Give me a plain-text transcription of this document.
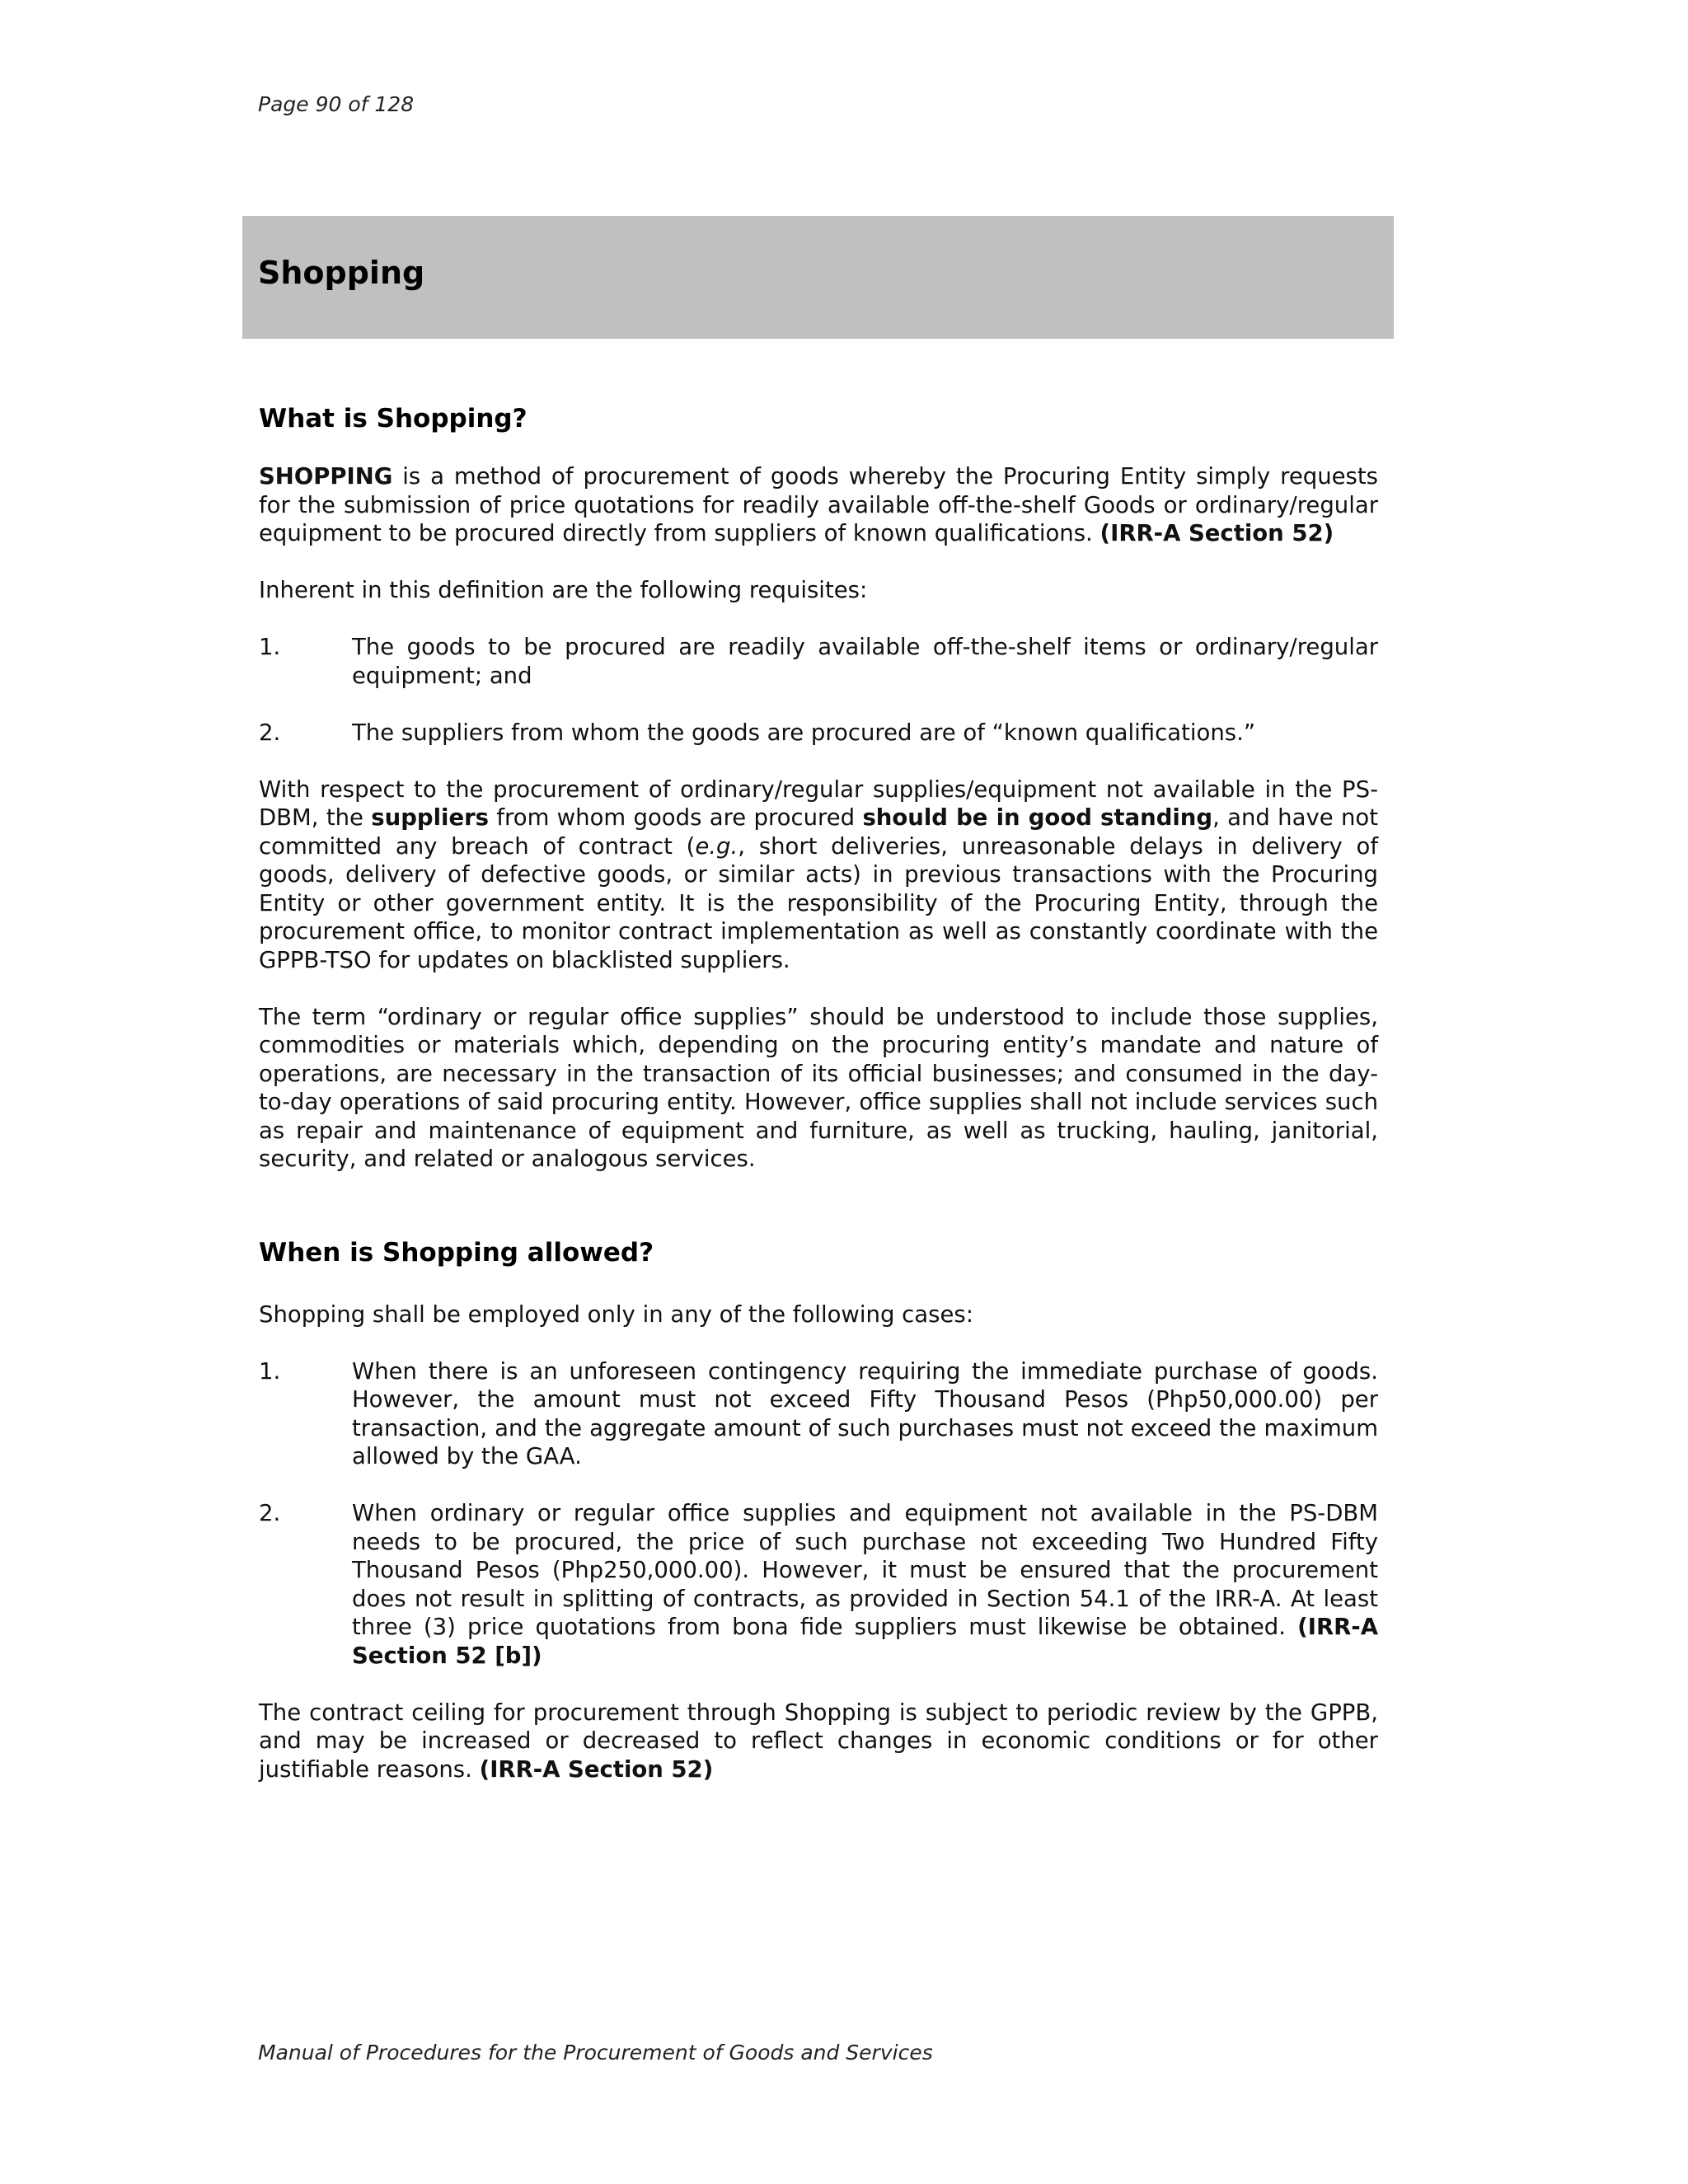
Page 90 of 128
Shopping
What is Shopping?

SHOPPING is a method of procurement of goods whereby the Procuring Entity simply requests for the submission of price quotations for readily available off-the-shelf Goods or ordinary/regular equipment to be procured directly from suppliers of known qualifications. (IRR-A Section 52)

Inherent in this definition are the following requisites:

1.	The goods to be procured are readily available off-the-shelf items or ordinary/regular equipment; and
2.	The suppliers from whom the goods are procured are of “known qualifications.”

With respect to the procurement of ordinary/regular supplies/equipment not available in the PS-DBM, the suppliers from whom goods are procured should be in good standing, and have not committed any breach of contract (e.g., short deliveries, unreasonable delays in delivery of goods, delivery of defective goods, or similar acts) in previous transactions with the Procuring Entity or other government entity. It is the responsibility of the Procuring Entity, through the procurement office, to monitor contract implementation as well as constantly coordinate with the GPPB-TSO for updates on blacklisted suppliers.

The term “ordinary or regular office supplies” should be understood to include those supplies, commodities or materials which, depending on the procuring entity’s mandate and nature of operations, are necessary in the transaction of its official businesses; and consumed in the day-to-day operations of said procuring entity. However, office supplies shall not include services such as repair and maintenance of equipment and furniture, as well as trucking, hauling, janitorial, security, and related or analogous services.

When is Shopping allowed?

Shopping shall be employed only in any of the following cases:

1.	When there is an unforeseen contingency requiring the immediate purchase of goods. However, the amount must not exceed Fifty Thousand Pesos (Php50,000.00) per transaction, and the aggregate amount of such purchases must not exceed the maximum allowed by the GAA.
2.	When ordinary or regular office supplies and equipment not available in the PS-DBM needs to be procured, the price of such purchase not exceeding Two Hundred Fifty Thousand Pesos (Php250,000.00). However, it must be ensured that the procurement does not result in splitting of contracts, as provided in Section 54.1 of the IRR-A. At least three (3) price quotations from bona fide suppliers must likewise be obtained. (IRR-A Section 52 [b])

The contract ceiling for procurement through Shopping is subject to periodic review by the GPPB, and may be increased or decreased to reflect changes in economic conditions or for other justifiable reasons. (IRR-A Section 52)

Manual of Procedures for the Procurement of Goods and Services
